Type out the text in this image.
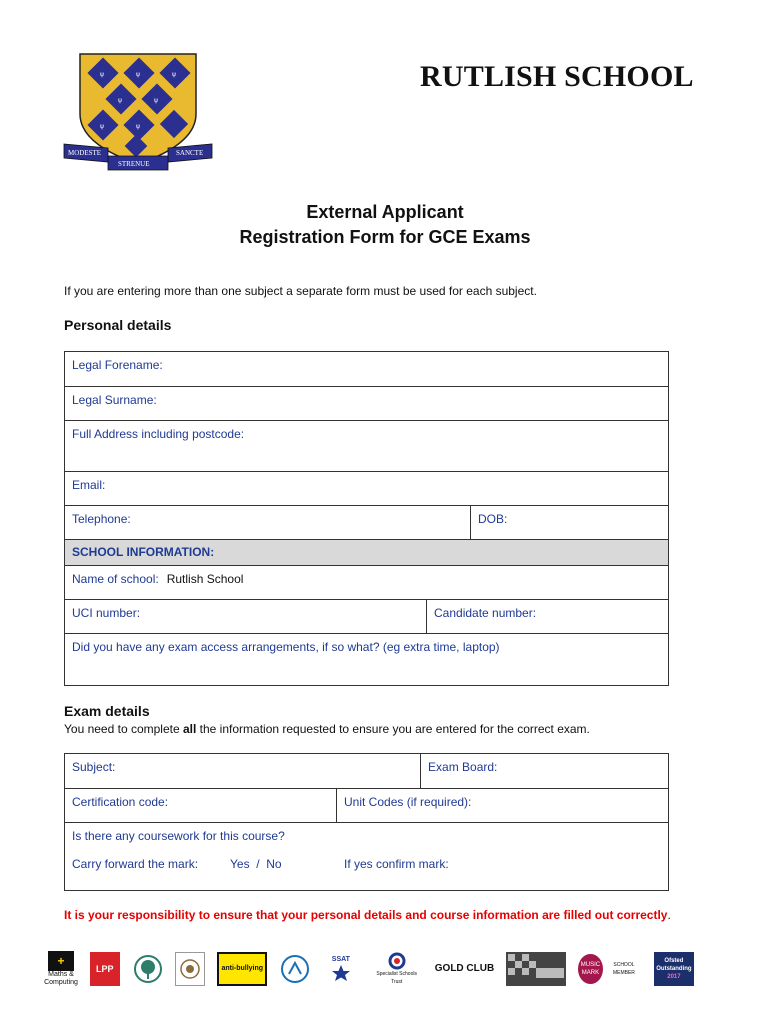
ψ	ψ	ψ
ψ	ψ
ψ	ψ
MODESTE
STRENUE
SANCTE
RUTLISH SCHOOL
External Applicant
Registration Form for GCE Exams
If you are entering more than one subject a separate form must be used for each subject.
Personal details
Legal Forename:		
Legal Surname:		
Full Address including postcode:		
Email:		
Telephone:		DOB:
SCHOOL INFORMATION:		

Name of school: Rutlish School		

UCI number:	Candidate number:	
Did you have any exam access arrangements, if so what? (eg extra time, laptop)		
Exam details
You need to complete all the information requested to ensure you are entered for the correct exam.
Subject:		Exam Board:
Certification code:	Unit Codes (if required):	

Is there any coursework for this course?
Carry forward the mark: Yes  /  No If yes confirm mark:		
It is your responsibility to ensure that your personal details and course information are filled out correctly.
+
Maths & Computing
LPP	anti-bullying
SSAT
Specialist Schools Trust
GOLD CLUB	MUSIC MARK
SCHOOL MEMBER
Ofsted Outstanding
2017
